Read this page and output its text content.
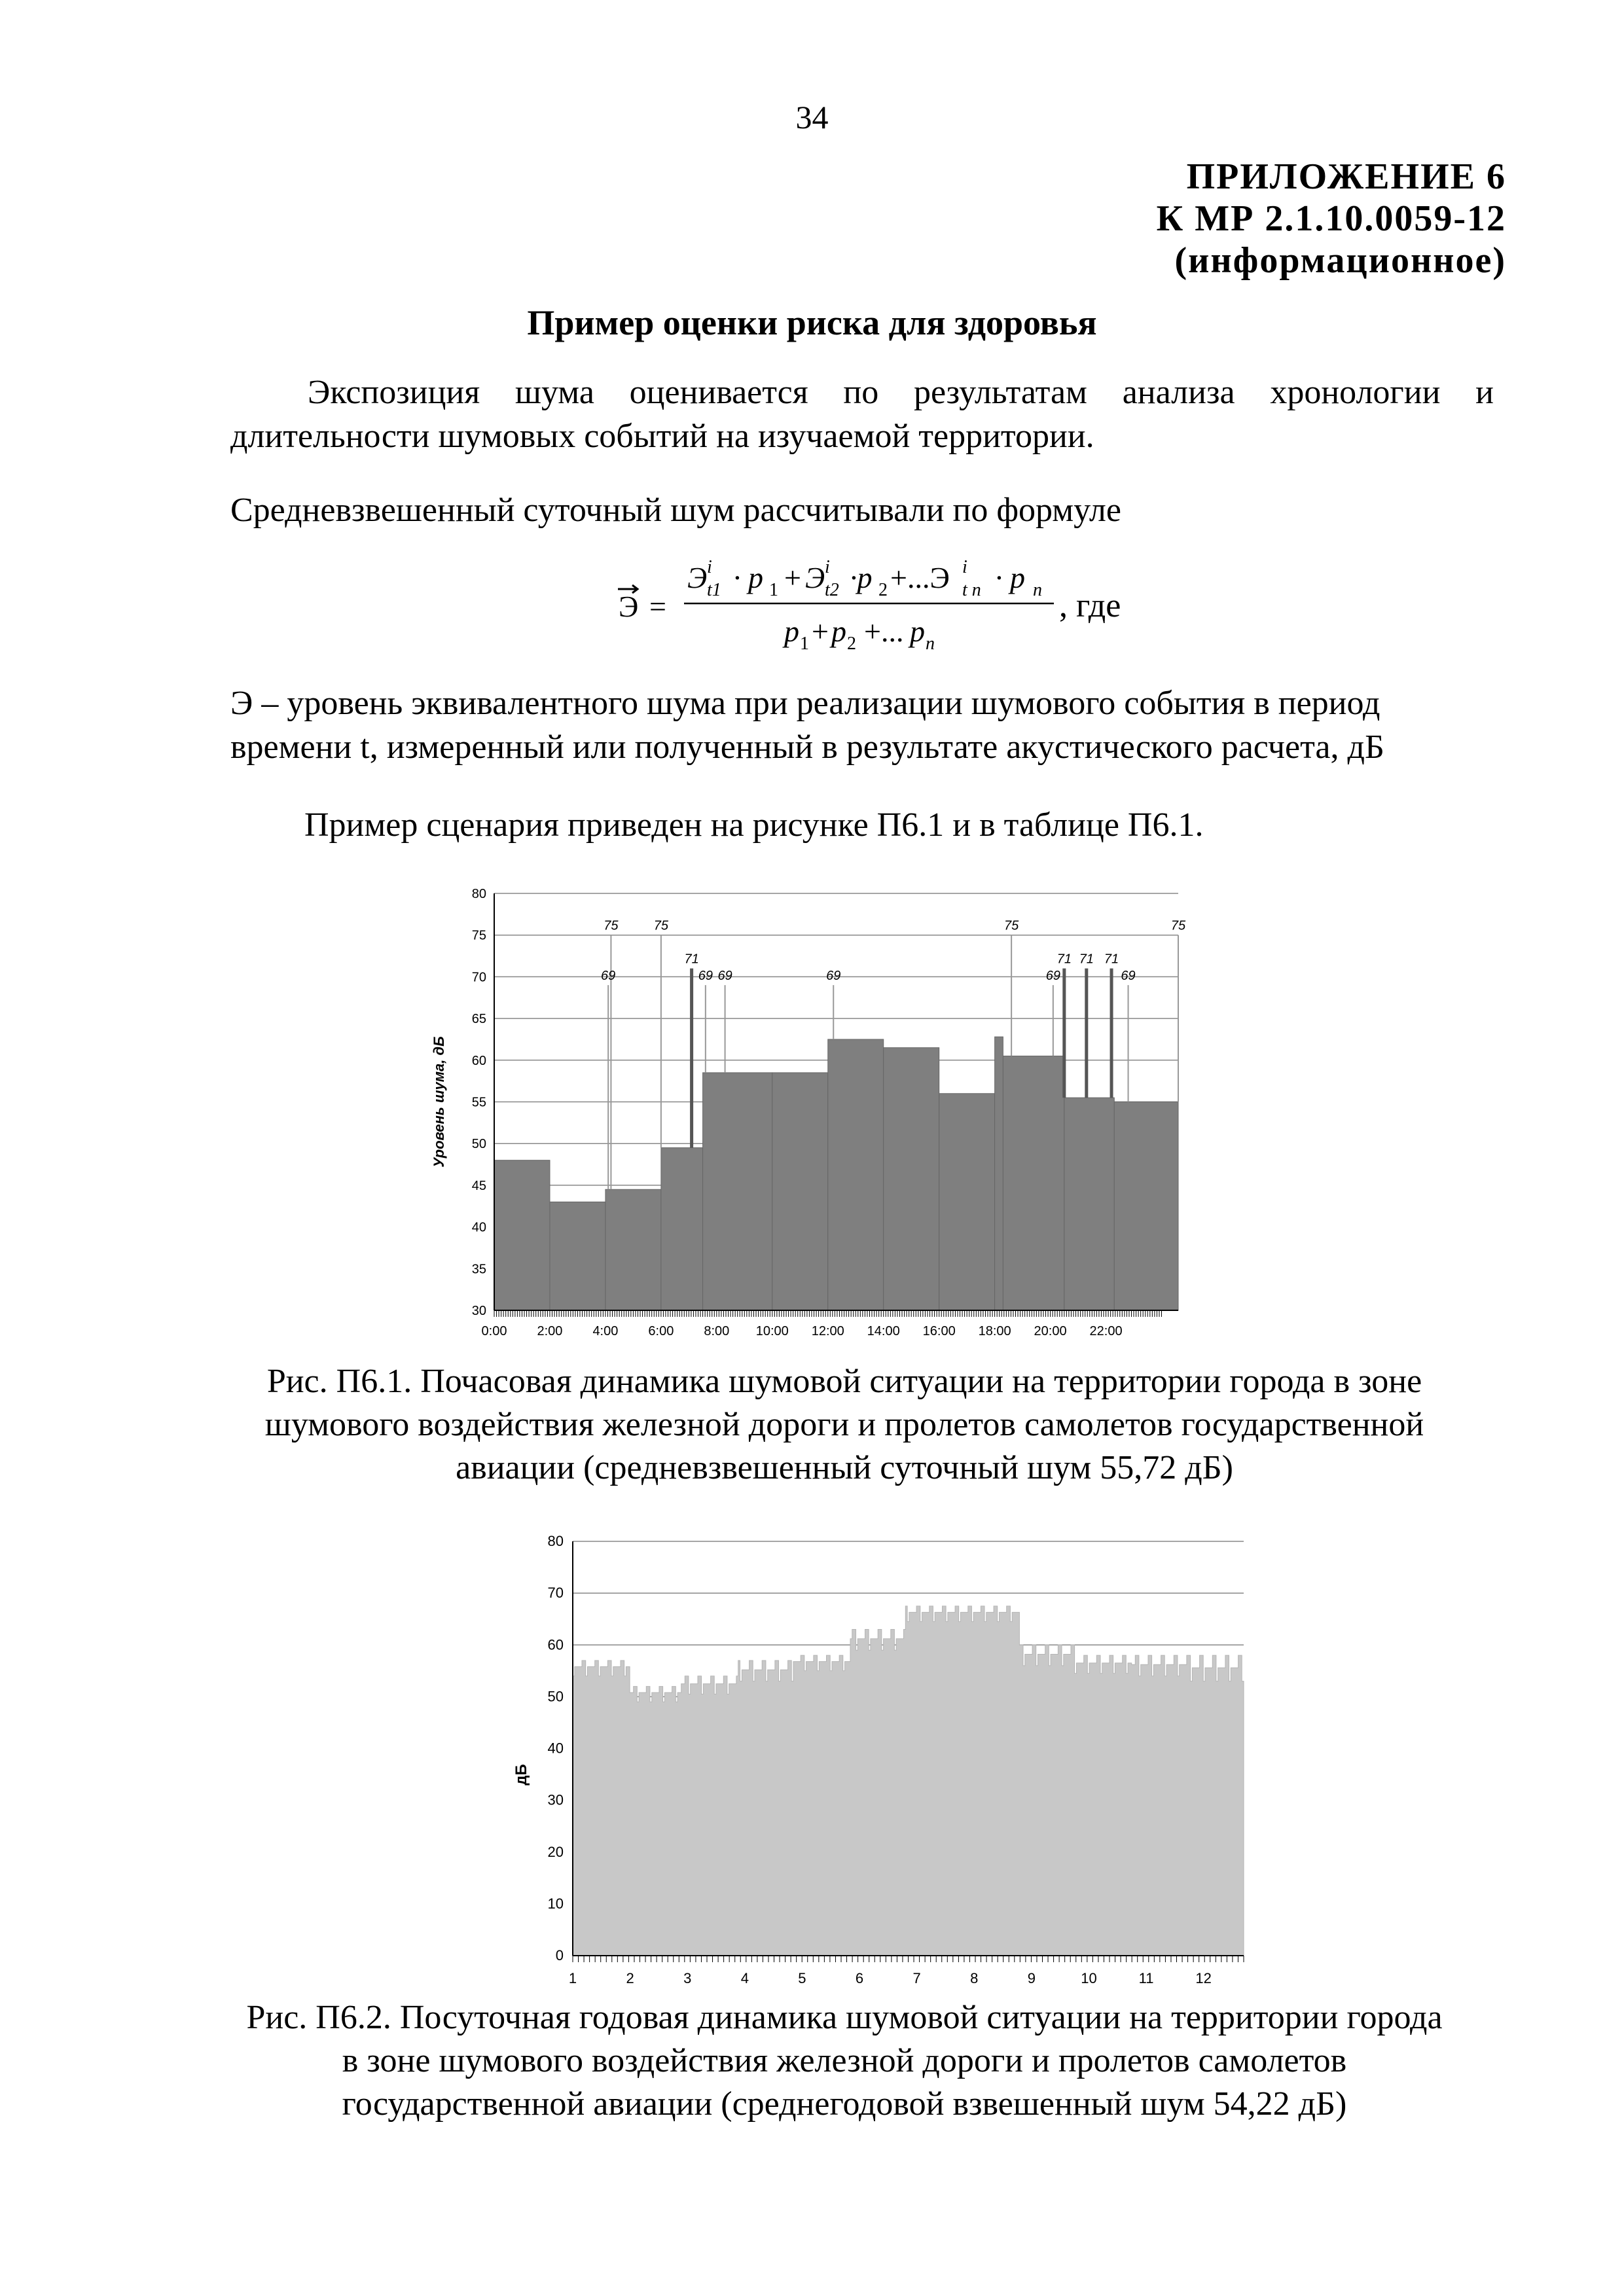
34
ПРИЛОЖЕНИЕ 6
К МР 2.1.10.0059-12
(информационное)
Пример оценки риска для здоровья
Экспозиция шума оценивается по результатам анализа хронологии и
длительности шумовых событий на изучаемой территории.
Средневзвешенный суточный шум рассчитывали по формуле
Э =
Э i
t1 · p 1 + Э i
t2 ·p 2 +...Э i
t n · p n
p 1 + p 2 +... p n
, где
Э – уровень эквивалентного шума при реализации шумового события в период
времени t, измеренный или полученный в результате акустического расчета, дБ
Пример сценария приведен на рисунке П6.1 и в таблице П6.1.
30
35
40
45
50
55
60
65
70
75
80
75
69
75
71
69 69	69
75
69
71 71 71
69
75
0:00 2:00 4:00 6:00 8:00 10:00 12:00 14:00 16:00 18:00 20:00 22:00
Уровень шума, дБ
Рис. П6.1. Почасовая динамика шумовой ситуации на территории города в зоне
шумового воздействия железной дороги и пролетов самолетов государственной
авиации (средневзвешенный суточный шум 55,72 дБ)
0
10
20
30
40
50
60
70
80
1	2	3	4	5	6	7	8	9	10	11	12
дБ
Рис. П6.2. Посуточная годовая динамика шумовой ситуации на территории города
в зоне шумового воздействия железной дороги и пролетов самолетов
государственной авиации (среднегодовой взвешенный шум 54,22 дБ)
